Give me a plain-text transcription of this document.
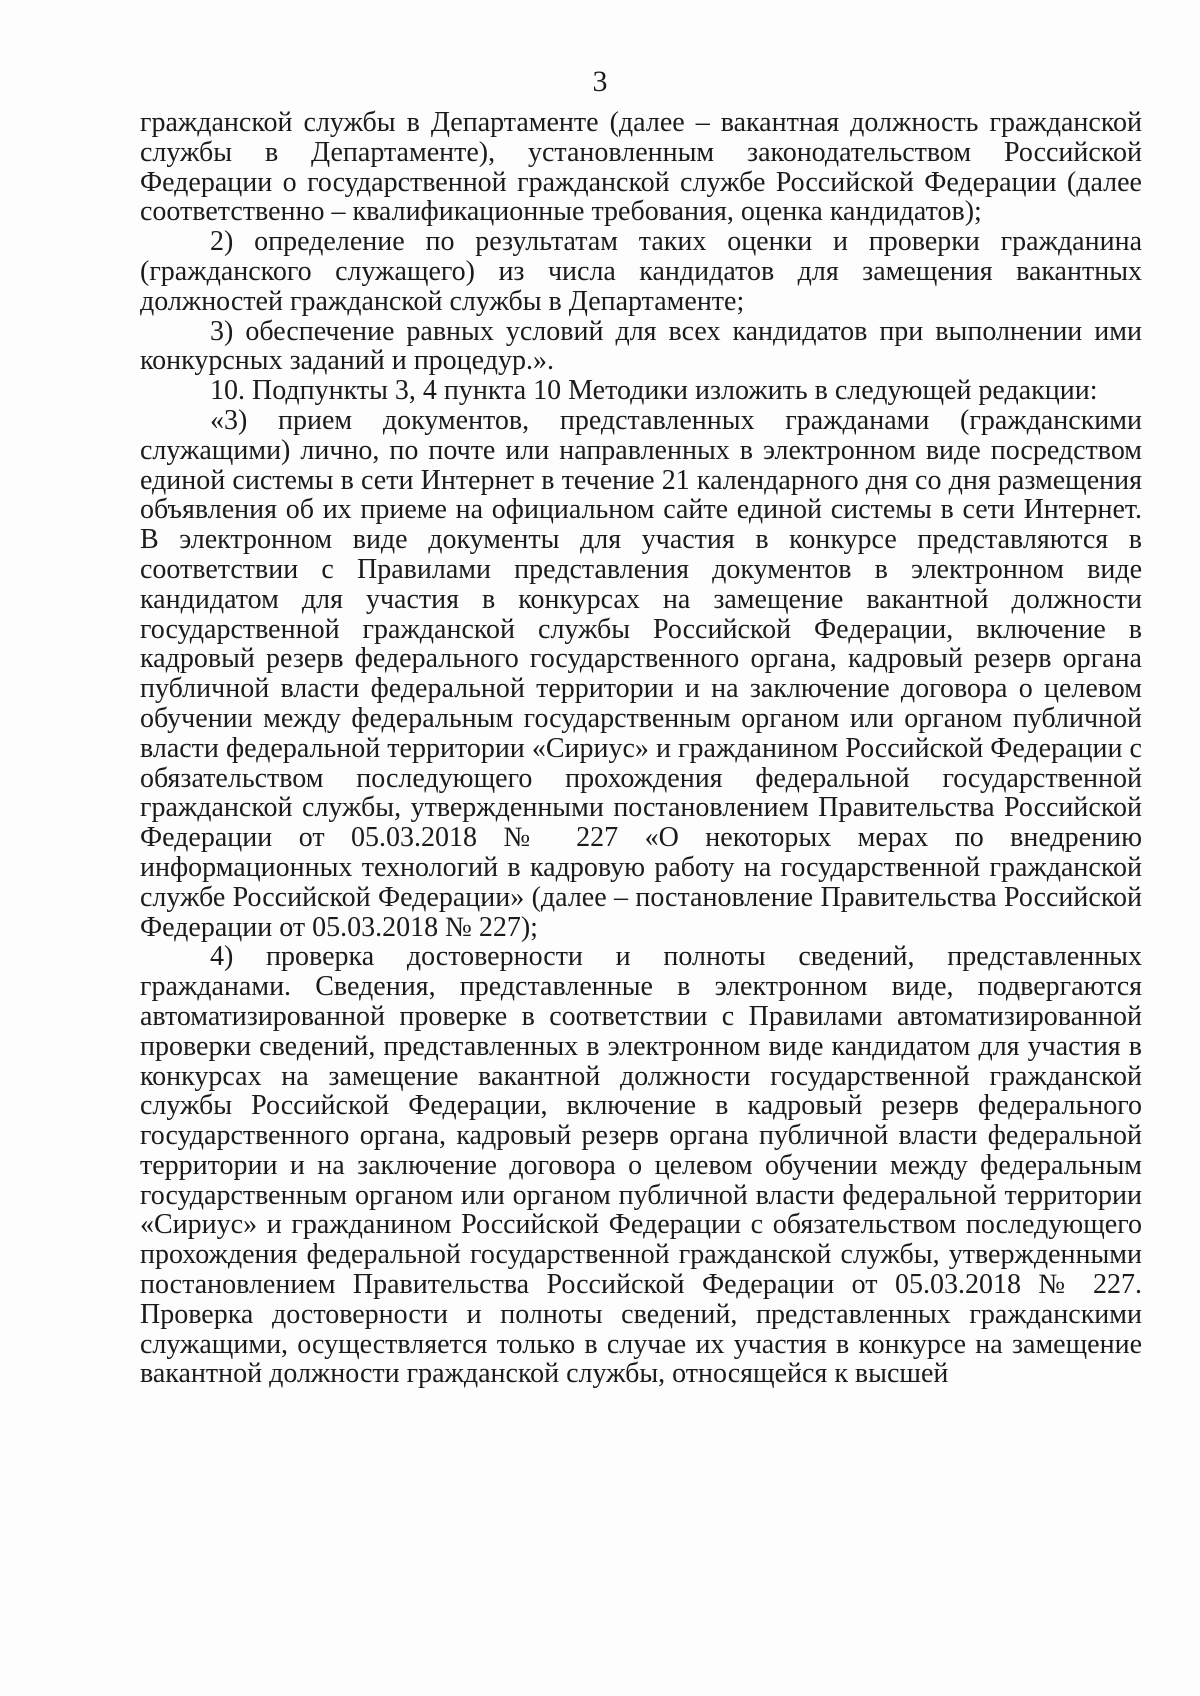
3

гражданской службы в Департаменте (далее – вакантная должность гражданской службы в Департаменте), установленным законодательством Российской Федерации о государственной гражданской службе Российской Федерации (далее соответственно – квалификационные требования, оценка кандидатов);

2) определение по результатам таких оценки и проверки гражданина (гражданского служащего) из числа кандидатов для замещения вакантных должностей гражданской службы в Департаменте;

3) обеспечение равных условий для всех кандидатов при выполнении ими конкурсных заданий и процедур.».

10. Подпункты 3, 4 пункта 10 Методики изложить в следующей редакции:

«3) прием документов, представленных гражданами (гражданскими служащими) лично, по почте или направленных в электронном виде посредством единой системы в сети Интернет в течение 21 календарного дня со дня размещения объявления об их приеме на официальном сайте единой системы в сети Интернет. В электронном виде документы для участия в конкурсе представляются в соответствии с Правилами представления документов в электронном виде кандидатом для участия в конкурсах на замещение вакантной должности государственной гражданской службы Российской Федерации, включение в кадровый резерв федерального государственного органа, кадровый резерв органа публичной власти федеральной территории и на заключение договора о целевом обучении между федеральным государственным органом или органом публичной власти федеральной территории «Сириус» и гражданином Российской Федерации с обязательством последующего прохождения федеральной государственной гражданской службы, утвержденными постановлением Правительства Российской Федерации от 05.03.2018 № 227 «О некоторых мерах по внедрению информационных технологий в кадровую работу на государственной гражданской службе Российской Федерации» (далее – постановление Правительства Российской Федерации от 05.03.2018 № 227);

4) проверка достоверности и полноты сведений, представленных гражданами. Сведения, представленные в электронном виде, подвергаются автоматизированной проверке в соответствии с Правилами автоматизированной проверки сведений, представленных в электронном виде кандидатом для участия в конкурсах на замещение вакантной должности государственной гражданской службы Российской Федерации, включение в кадровый резерв федерального государственного органа, кадровый резерв органа публичной власти федеральной территории и на заключение договора о целевом обучении между федеральным государственным органом или органом публичной власти федеральной территории «Сириус» и гражданином Российской Федерации с обязательством последующего прохождения федеральной государственной гражданской службы, утвержденными постановлением Правительства Российской Федерации от 05.03.2018 № 227. Проверка достоверности и полноты сведений, представленных гражданскими служащими, осуществляется только в случае их участия в конкурсе на замещение вакантной должности гражданской службы, относящейся к высшей
